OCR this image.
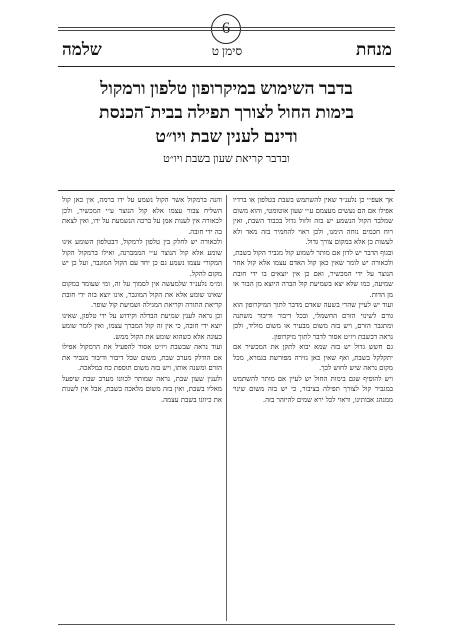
6
מנחת
סימן ט
שלמה
בדבר השימוש במיקרופון טלפון ורמקול
בימות החול לצורך תפילה בבית־הכנסת
ודינם לענין שבת ויו״ט
ובדבר קריאת שעון בשבת ויו״ט

אך אעפ״י כן נלענ״ד שאין להשתמש בשבת בטלפון או ברדיו אפילו אם הם נעשים מעצמם ע״י שעון אוטומטי, והוא משום שמלבד הקול הנשמע יש בזה זלזול גדול בכבוד השבת, ואין רוח חכמים נוחה הימנו, ולכן ראוי להחמיר בזה מאד ולא לעשות כן אלא במקום צורך גדול.

ובגוף הדבר יש לדון אם מותר לשמוע קול מגביר הקול בשבת, ולכאורה יש לומר שאין כאן קול האדם עצמו אלא קול אחר הנוצר על ידי המכשיר, ואם כן אין יוצאים בו ידי חובת שמיעה, כמו שלא יצא בשמיעת קול הברה היוצא מן הבור או מן הדות.

ועוד יש לעיין שהרי בשעה שאדם מדבר לתוך המיקרופון הוא גורם לשינוי הזרם החשמלי, ובכל דיבור ודיבור משתנה ומתגבר הזרם, ויש בזה משום מבעיר או משום מוליד, ולכן נראה דבשבת ויו״ט אסור לדבר לתוך מיקרופון.

גם חשש גדול יש בזה שמא יבוא לתקן את המכשיר אם יתקלקל בשבת, ואף שאין כאן גזירה מפורשת בגמרא, מכל מקום נראה שיש לחוש לכך.

ויש להוסיף שגם בימות החול יש לעיין אם מותר להשתמש במגביר קול לצורך תפילה בציבור, כי יש בזה משום שינוי ממנהג אבותינו, וראוי לכל ירא שמים להיזהר בזה.

והנה ברמקול אשר הקול נשמע על ידו ברמה, אין כאן קול השליח צבור עצמו אלא קול הנוצר ע״י המכשיר, ולכן לכאורה אין לענות אמן על ברכה הנשמעת על ידו, ואין לצאת בה ידי חובה.

ולכאורה יש לחלק בין טלפון לרמקול, דבטלפון השומע אינו שומע אלא קול הנוצר ע״י הממברנה, ואילו ברמקול הקול המקורי עצמו נשמע גם כן יחד עם הקול המוגבר, ועל כן יש מקום להקל.

ומ״מ נלענ״ד שלמעשה אין לסמוך על זה, ומי שעומד במקום שאינו שומע אלא את הקול המוגבר, אינו יוצא בזה ידי חובת קריאת התורה וקריאת המגילה ושמיעת קול שופר.

וכן נראה לענין שמיעת הבדלה וקידוש על ידי טלפון, שאינו יוצא ידי חובה, כי אין זה קול המברך עצמו, ואין לומר שומע כעונה אלא כשהוא שומע את הקול ממש.

ועוד נראה שבשבת ויו״ט אסור להפעיל את הרמקול אפילו אם הודלק מערב שבת, משום שכל דיבור ודיבור מגביר את הזרם ומשנה אותו, ויש בזה משום תוספת כח במלאכה.

ולענין שעון שבת, נראה שמותר לכוונו מערב שבת שיפעל מאליו בשבת, ואין בזה משום מלאכה בשבת, אבל אין לשנות את כיוונו בשבת עצמה.
